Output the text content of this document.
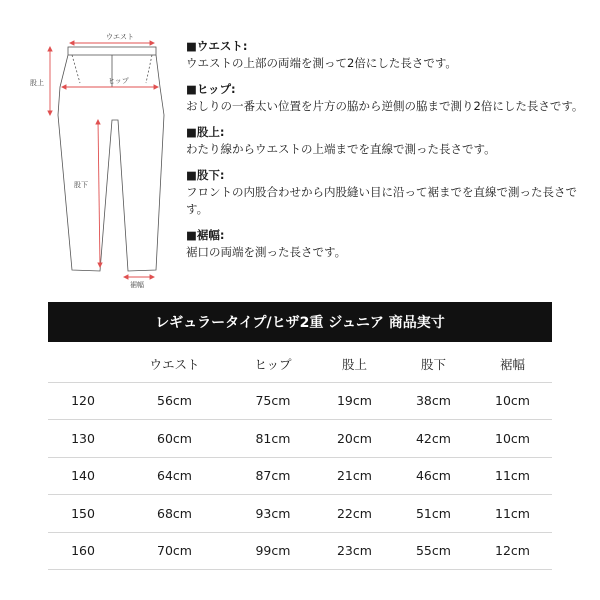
ウエスト
ヒップ
股上
股下
裾幅
■ウエスト:
ウエストの上部の両端を測って2倍にした長さです。
■ヒップ:
おしりの一番太い位置を片方の脇から逆側の脇まで測り2倍にした長さです。
■股上:
わたり線からウエストの上端までを直線で測った長さです。
■股下:
フロントの内股合わせから内股縫い目に沿って裾までを直線で測った長さです。
■裾幅:
裾口の両端を測った長さです。
レギュラータイプ/ヒザ2重 ジュニア 商品実寸
	ウエスト	ヒップ	股上	股下	裾幅
120	56cm	75cm	19cm	38cm	10cm
130	60cm	81cm	20cm	42cm	10cm
140	64cm	87cm	21cm	46cm	11cm
150	68cm	93cm	22cm	51cm	11cm
160	70cm	99cm	23cm	55cm	12cm
